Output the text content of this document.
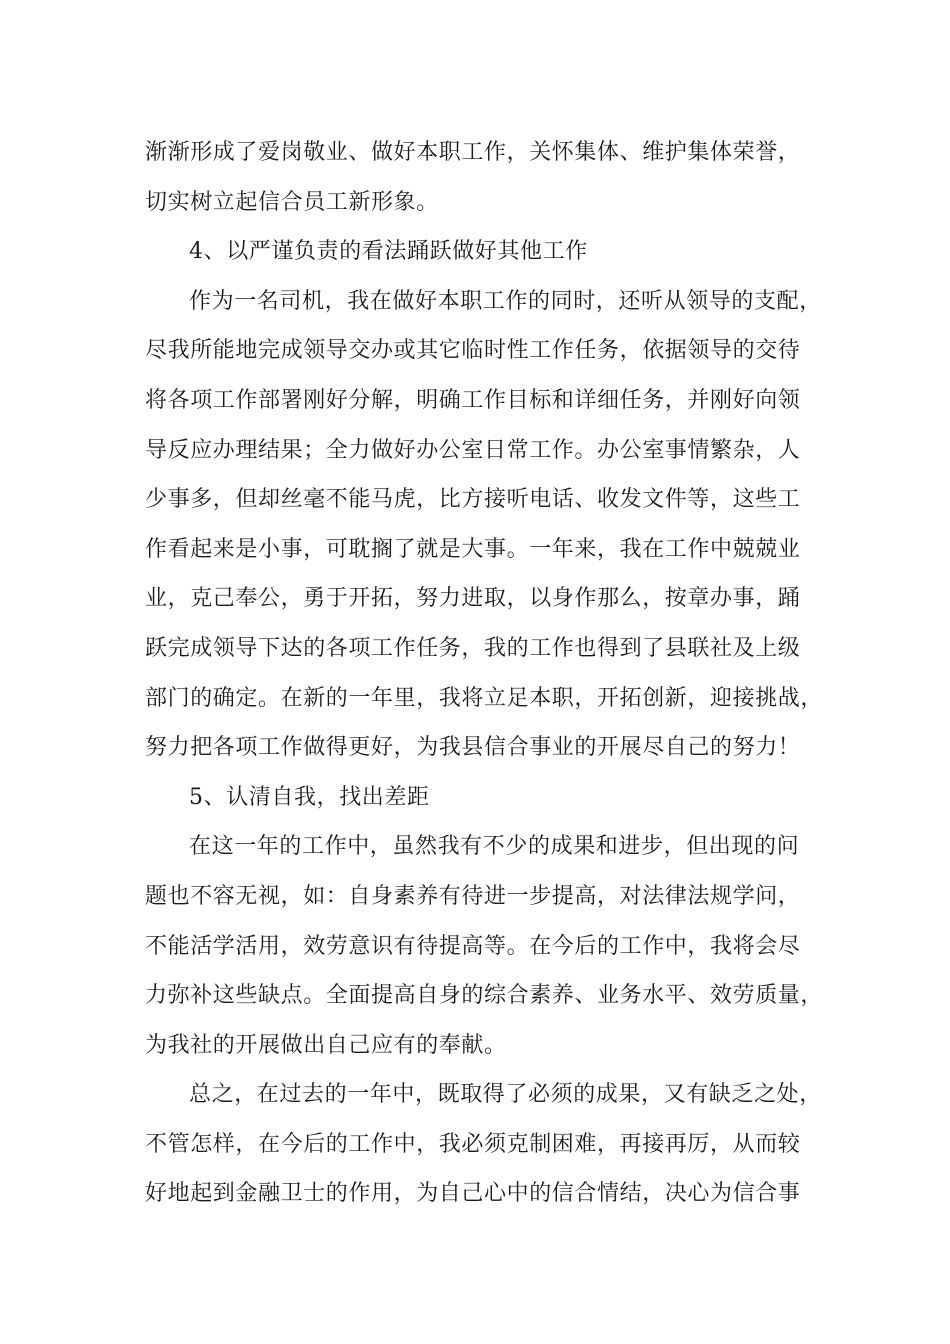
渐渐形成了爱岗敬业、做好本职工作，关怀集体、维护集体荣誉，
切实树立起信合员工新形象。
4、以严谨负责的看法踊跃做好其他工作
作为一名司机，我在做好本职工作的同时，还听从领导的支配，
尽我所能地完成领导交办或其它临时性工作任务，依据领导的交待
将各项工作部署刚好分解，明确工作目标和详细任务，并刚好向领
导反应办理结果；全力做好办公室日常工作。办公室事情繁杂，人
少事多，但却丝毫不能马虎，比方接听电话、收发文件等，这些工
作看起来是小事，可耽搁了就是大事。一年来，我在工作中兢兢业
业，克己奉公，勇于开拓，努力进取，以身作那么，按章办事，踊
跃完成领导下达的各项工作任务，我的工作也得到了县联社及上级
部门的确定。在新的一年里，我将立足本职，开拓创新，迎接挑战，
努力把各项工作做得更好，为我县信合事业的开展尽自己的努力！
5、认清自我，找出差距
在这一年的工作中，虽然我有不少的成果和进步，但出现的问
题也不容无视，如：自身素养有待进一步提高，对法律法规学问，
不能活学活用，效劳意识有待提高等。在今后的工作中，我将会尽
力弥补这些缺点。全面提高自身的综合素养、业务水平、效劳质量，
为我社的开展做出自己应有的奉献。
总之，在过去的一年中，既取得了必须的成果，又有缺乏之处，
不管怎样，在今后的工作中，我必须克制困难，再接再厉，从而较
好地起到金融卫士的作用，为自己心中的信合情结，决心为信合事
